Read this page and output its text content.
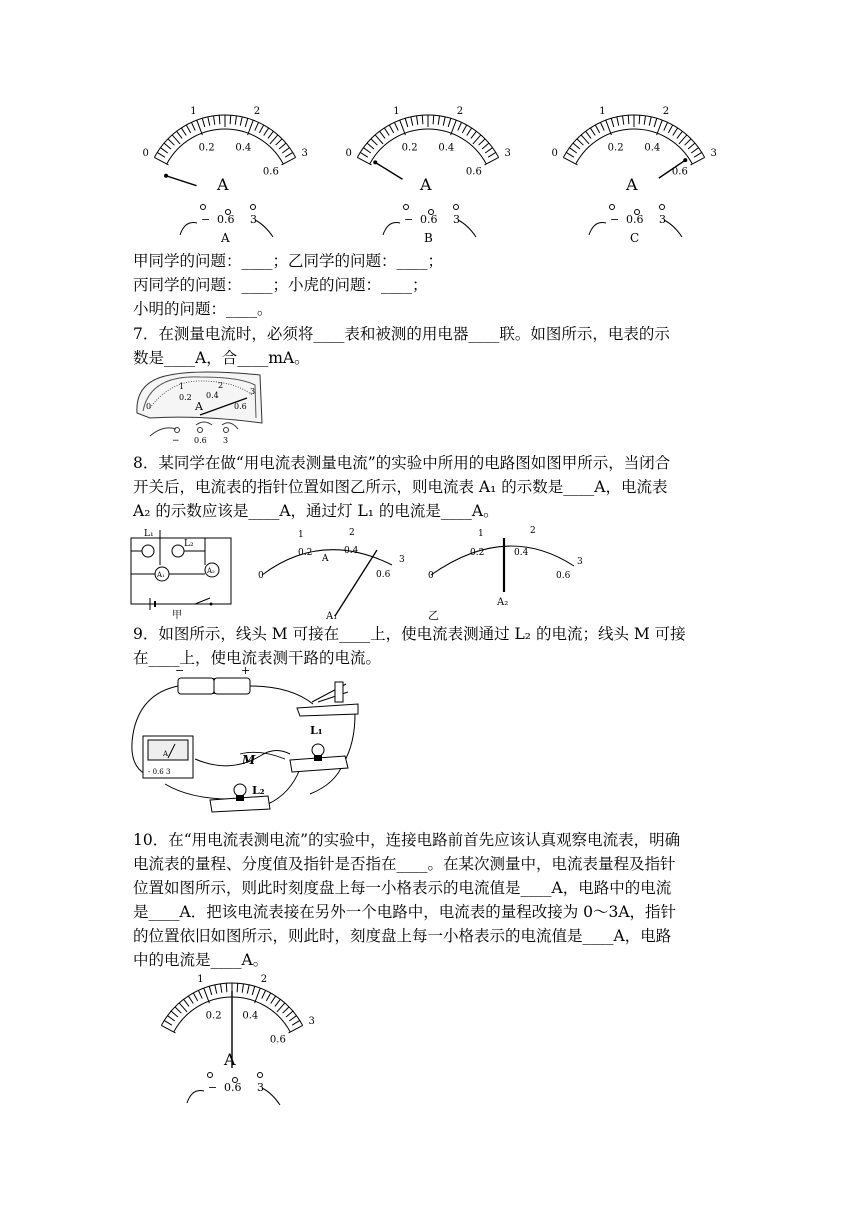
0
1	2
3
0.2 0.4
0.6
A
− 0.6 3
A
0
1	2
3
0.2 0.4
0.6
A
− 0.6 3
B
0
1	2
3
0.2 0.4
0.6
A
− 0.6 3
C
甲同学的问题：____；乙同学的问题：____；
丙同学的问题：____；小虎的问题：____；
小明的问题：____。
7．在测量电流时，必须将____表和被测的用电器____联。如图所示，电表的示
数是____A，合____mA。
0
1	2
3
0.2 0.4
0.6
A
− 0.6 3
8．某同学在做“用电流表测量电流”的实验中所用的电路图如图甲所示，当闭合
开关后，电流表的指针位置如图乙所示，则电流表 A₁ 的示数是____A，电流表
A₂ 的示数应该是____A，通过灯 L₁ 的电流是____A。
L₁
L₂
A₁	A₂
甲
0
1	2
3
0.2	0.4
0.6
A
A₁
0
1	2
3
0.2	0.4
0.6
A₂
乙
9．如图所示，线头 M 可接在____上，使电流表测通过 L₂ 的电流；线头 M 可接
在____上，使电流表测干路的电流。
−	+
A
- 0.6 3
L₁
L₂
M
10．在“用电流表测电流”的实验中，连接电路前首先应该认真观察电流表，明确
电流表的量程、分度值及指针是否指在____。在某次测量中，电流表量程及指针
位置如图所示，则此时刻度盘上每一小格表示的电流值是____A，电路中的电流
是____A．把该电流表接在另外一个电路中，电流表的量程改接为 0～3A，指针
的位置依旧如图所示，则此时，刻度盘上每一小格表示的电流值是____A，电路
中的电流是____A。
1	2
3
0.2 0.4
0.6
A
− 0.6 3
